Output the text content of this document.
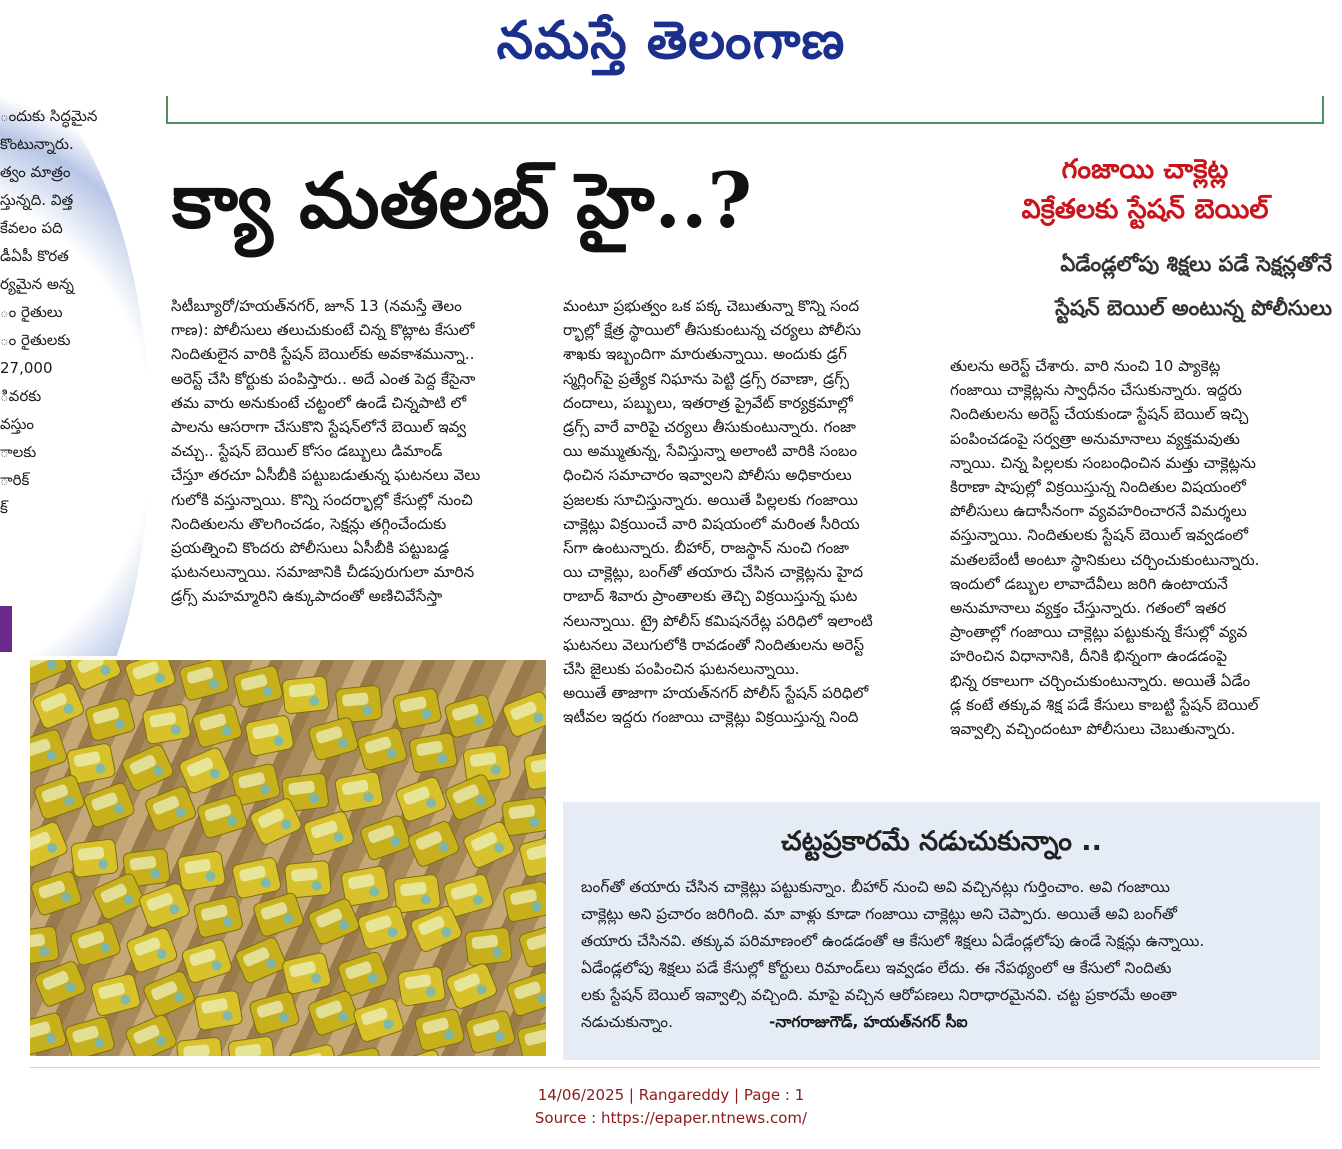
నమస్తే తెలంగాణ
ందుకు సిద్ధమైన
కొంటున్నారు.
త్వం మాత్రం
స్తున్నది. విత్త
కేవలం పది
డీఏపీ కొరత
ర్యమైన అన్న
ం రైతులు
ం రైతులకు
27,000
ివరకు
వస్తుం
ాలకు
ారిక్
క్
క్యా మతలబ్‌ హై..?	గంజాయి చాక్లెట్ల
విక్రేతలకు స్టేషన్‌ బెయిల్‌
ఏడేండ్లలోపు శిక్షలు పడే సెక్షన్లతోనే
స్టేషన్‌ బెయిల్‌ అంటున్న పోలీసులు
సిటీబ్యూరో/హయత్‌నగర్‌, జూన్‌ 13 (నమస్తే తెలం
గాణ): పోలీసులు తలుచుకుంటే చిన్న కొట్లాట కేసులో
నిందితులైన వారికి స్టేషన్‌ బెయిల్‌కు అవకాశమున్నా..
అరెస్ట్‌ చేసి కోర్టుకు పంపిస్తారు.. అదే ఎంత పెద్ద కేసైనా
తమ వారు అనుకుంటే చట్టంలో ఉండే చిన్నపాటి లో
పాలను ఆసరాగా చేసుకొని స్టేషన్‌లోనే బెయిల్‌ ఇవ్వ
వచ్చు.. స్టేషన్‌ బెయిల్‌ కోసం డబ్బులు డిమాండ్‌
చేస్తూ తరచూ ఏసీబీకి పట్టుబడుతున్న ఘటనలు వెలు
గులోకి వస్తున్నాయి. కొన్ని సందర్భాల్లో కేసుల్లో నుంచి
నిందితులను తొలగించడం, సెక్షన్లు తగ్గించేందుకు
ప్రయత్నించి కొందరు పోలీసులు ఏసీబీకి పట్టుబడ్డ
ఘటనలున్నాయి. సమాజానికి చీడపురుగులా మారిన
డ్రగ్స్‌ మహమ్మారిని ఉక్కుపాదంతో అణిచివేసేస్తా
మంటూ ప్రభుత్వం ఒక పక్క చెబుతున్నా కొన్ని సంద
ర్భాల్లో క్షేత్ర స్థాయిలో తీసుకుంటున్న చర్యలు పోలీసు
శాఖకు ఇబ్బందిగా మారుతున్నాయి. అందుకు డ్రగ్‌
స్మగ్లింగ్‌పై ప్రత్యేక నిఘాను పెట్టి డ్రగ్స్‌ రవాణా, డ్రగ్స్‌
దందాలు, పబ్బులు, ఇతరాత్ర ప్రైవేట్‌ కార్యక్రమాల్లో
డ్రగ్స్‌ వారే వారిపై చర్యలు తీసుకుంటున్నారు. గంజా
యి అమ్ముతున్న, సేవిస్తున్నా అలాంటి వారికి సంబం
ధించిన సమాచారం ఇవ్వాలని పోలీసు అధికారులు
ప్రజలకు సూచిస్తున్నారు. అయితే పిల్లలకు గంజాయి
చాక్లెట్లు విక్రయించే వారి విషయంలో మరింత సీరియ
స్‌గా ఉంటున్నారు. బీహార్‌, రాజస్థాన్‌ నుంచి గంజా
యి చాక్లెట్లు, బంగ్‌తో తయారు చేసిన చాక్లెట్లను హైద
రాబాద్‌ శివారు ప్రాంతాలకు తెచ్చి విక్రయిస్తున్న ఘట
నలున్నాయి. ట్రై పోలీస్‌ కమిషనరేట్ల పరిధిలో ఇలాంటి
ఘటనలు వెలుగులోకి రావడంతో నిందితులను అరెస్ట్‌
చేసి జైలుకు పంపించిన ఘటనలున్నాయి.
అయితే తాజాగా హయత్‌నగర్‌ పోలీస్‌ స్టేషన్‌ పరిధిలో
ఇటీవల ఇద్దరు గంజాయి చాక్లెట్లు విక్రయిస్తున్న నింది
తులను అరెస్ట్‌ చేశారు. వారి నుంచి 10 ప్యాకెట్ల
గంజాయి చాక్లెట్లను స్వాధీనం చేసుకున్నారు. ఇద్దరు
నిందితులను అరెస్ట్‌ చేయకుండా స్టేషన్‌ బెయిల్‌ ఇచ్చి
పంపించడంపై సర్వత్రా అనుమానాలు వ్యక్తమవుతు
న్నాయి. చిన్న పిల్లలకు సంబంధించిన మత్తు చాక్లెట్లను
కిరాణా షాపుల్లో విక్రయిస్తున్న నిందితుల విషయంలో
పోలీసులు ఉదాసీనంగా వ్యవహరించారనే విమర్శలు
వస్తున్నాయి. నిందితులకు స్టేషన్‌ బెయిల్‌ ఇవ్వడంలో
మతలబేంటీ అంటూ స్థానికులు చర్చించుకుంటున్నారు.
ఇందులో డబ్బుల లావాదేవీలు జరిగి ఉంటాయనే
అనుమానాలు వ్యక్తం చేస్తున్నారు. గతంలో ఇతర
ప్రాంతాల్లో గంజాయి చాక్లెట్లు పట్టుకున్న కేసుల్లో వ్యవ
హరించిన విధానానికి, దీనికి భిన్నంగా ఉండడంపై
భిన్న రకాలుగా చర్చించుకుంటున్నారు. అయితే ఏడేం
డ్ల కంటే తక్కువ శిక్ష పడే కేసులు కాబట్టి స్టేషన్‌ బెయిల్‌
ఇవ్వాల్సి వచ్చిందంటూ పోలీసులు చెబుతున్నారు.
చట్టప్రకారమే నడుచుకున్నాం ..
బంగ్‌తో తయారు చేసిన చాక్లెట్లు పట్టుకున్నాం. బీహార్‌ నుంచి అవి వచ్చినట్లు గుర్తించాం. అవి గంజాయి
చాక్లెట్లు అని ప్రచారం జరిగింది. మా వాళ్లు కూడా గంజాయి చాక్లెట్లు అని చెప్పారు. అయితే అవి బంగ్‌తో
తయారు చేసినవి. తక్కువ పరిమాణంలో ఉండడంతో ఆ కేసులో శిక్షలు ఏడేండ్లలోపు ఉండే సెక్షన్లు ఉన్నాయి.
ఏడేండ్లలోపు శిక్షలు పడే కేసుల్లో కోర్టులు రిమాండ్‌లు ఇవ్వడం లేదు. ఈ నేపథ్యంలో ఆ కేసులో నిందితు
లకు స్టేషన్‌ బెయిల్‌ ఇవ్వాల్సి వచ్చింది. మాపై వచ్చిన ఆరోపణలు నిరాధారమైనవి. చట్ట ప్రకారమే అంతా
నడుచుకున్నాం.	-నాగరాజుగౌడ్‌, హయత్‌నగర్‌ సీఐ
14/06/2025 | Rangareddy | Page : 1
Source : https://epaper.ntnews.com/
